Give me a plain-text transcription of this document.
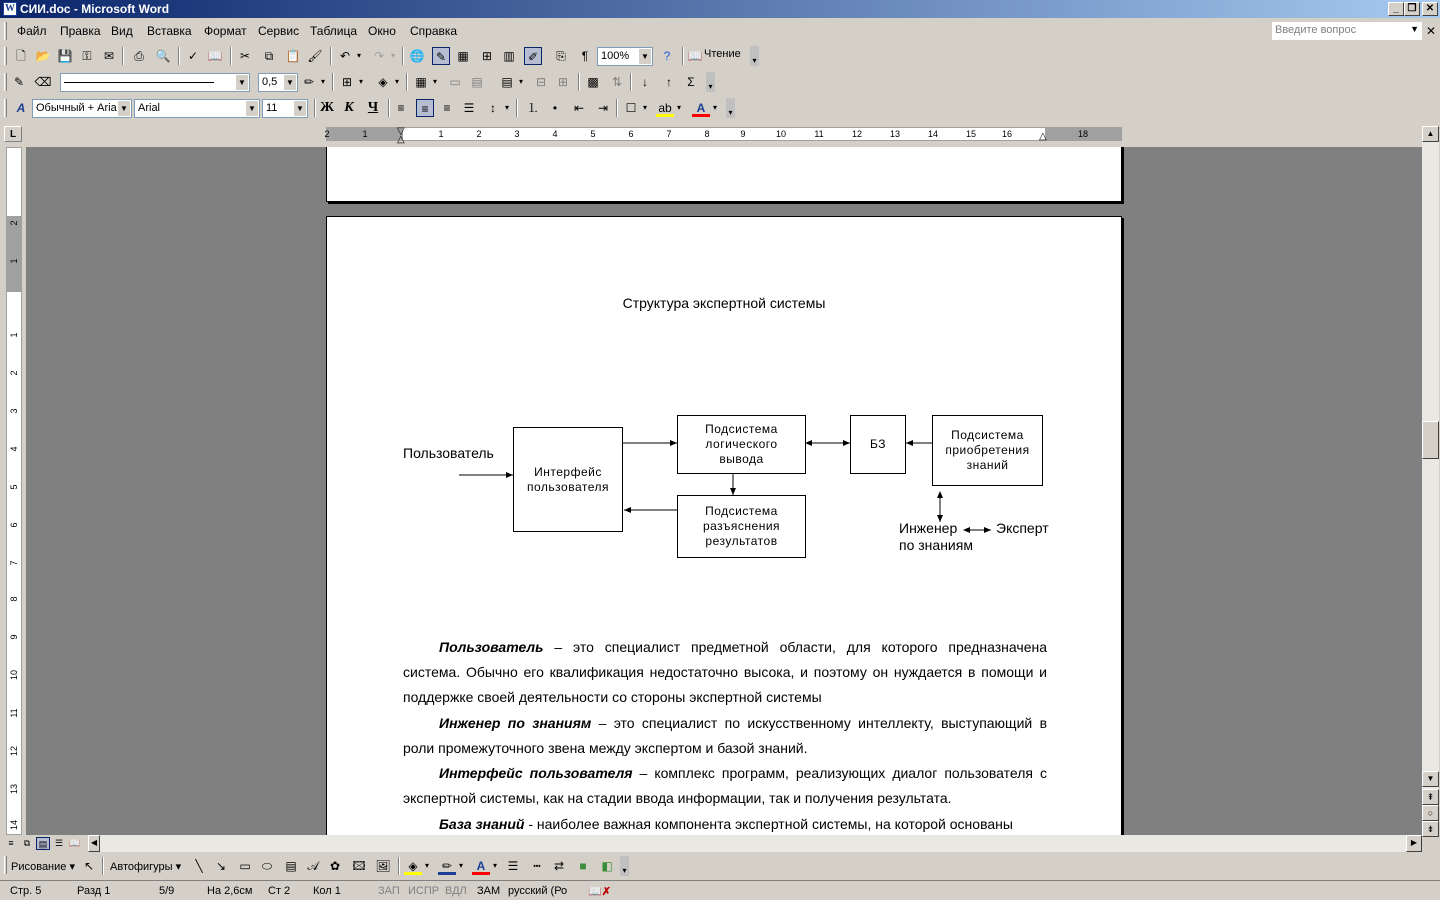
W СИИ.doc - Microsoft Word	_ ❐ ✕
Файл Правка Вид Вставка Формат Сервис Таблица Окно Справка	Введите вопрос	▼ ✕
🗋 📂 💾 ⚿	✉	⎙ 🔍	✓ 📖	✂	⧉	📋 🖌	↶ ▾	↷ ▾ 🌐 ✎ ▦	⊞ ▥	✐	⎘	¶	100% ▼	?	📖 Чтение
▾
✎ ⌫	▼	0,5 ▼ ✏ ▾	⊞ ▾	◈ ▾ ▦ ▾ ▭ ▤ ▤ ▾	⊟ ⊞	▩	⇅	↓	↑	Σ	▾
A Обычный + Aria ▼ Arial	▼ 11 ▼ Ж К	Ч	≡	≡	≡	☰	↕	▾ ⒈	•	⇤	⇥	☐ ▾ ab ▾	A ▾
▾
L	2	1	1	2	3	4	5	6	7	8	9	10	11	12	13	14	15	16	18
▽
△	△
2
1
1
2
3
4
5
6
7
8
9
10
11
12
13
14
Структура экспертной системы
Пользователь
Интерфейс
пользователя
Подсистема
логического
вывода
БЗ
Подсистема
приобретения
знаний
Подсистема
разъяснения
результатов
Инженер
по знаниям
Эксперт

Пользователь – это специалист предметной области, для которого предназначена система. Обычно его квалификация недостаточно высока, и поэтому он нуждается в помощи и поддержке своей деятельности со стороны экспертной системы

Инженер по знаниям – это специалист по искусственному интеллекту, выступающий в роли промежуточного звена между экспертом и базой знаний.

Интерфейс пользователя – комплекс программ, реализующих диалог пользователя с экспертной системы, как на стадии ввода информации, так и получения результата.

База знаний - наиболее важная компонента экспертной системы, на которой основаны

▲
▼
⇞
○
⇟
≡	⧉ ▤ ☰ 📖	◀	▶
Рисование ▾ ↖	Автофигуры ▾	╲	↘	▭ ⬭	▤ 𝒜 ✿	🖾 🖼	◈ ▾	✏ ▾	A ▾ ☰	┅	⇄	■	◧	▾
Стр. 5	Разд 1	5/9	На 2,6см Ст 2 Кол 1	ЗАП ИСПР ВДЛ ЗАМ русский (Ро 📖✗
